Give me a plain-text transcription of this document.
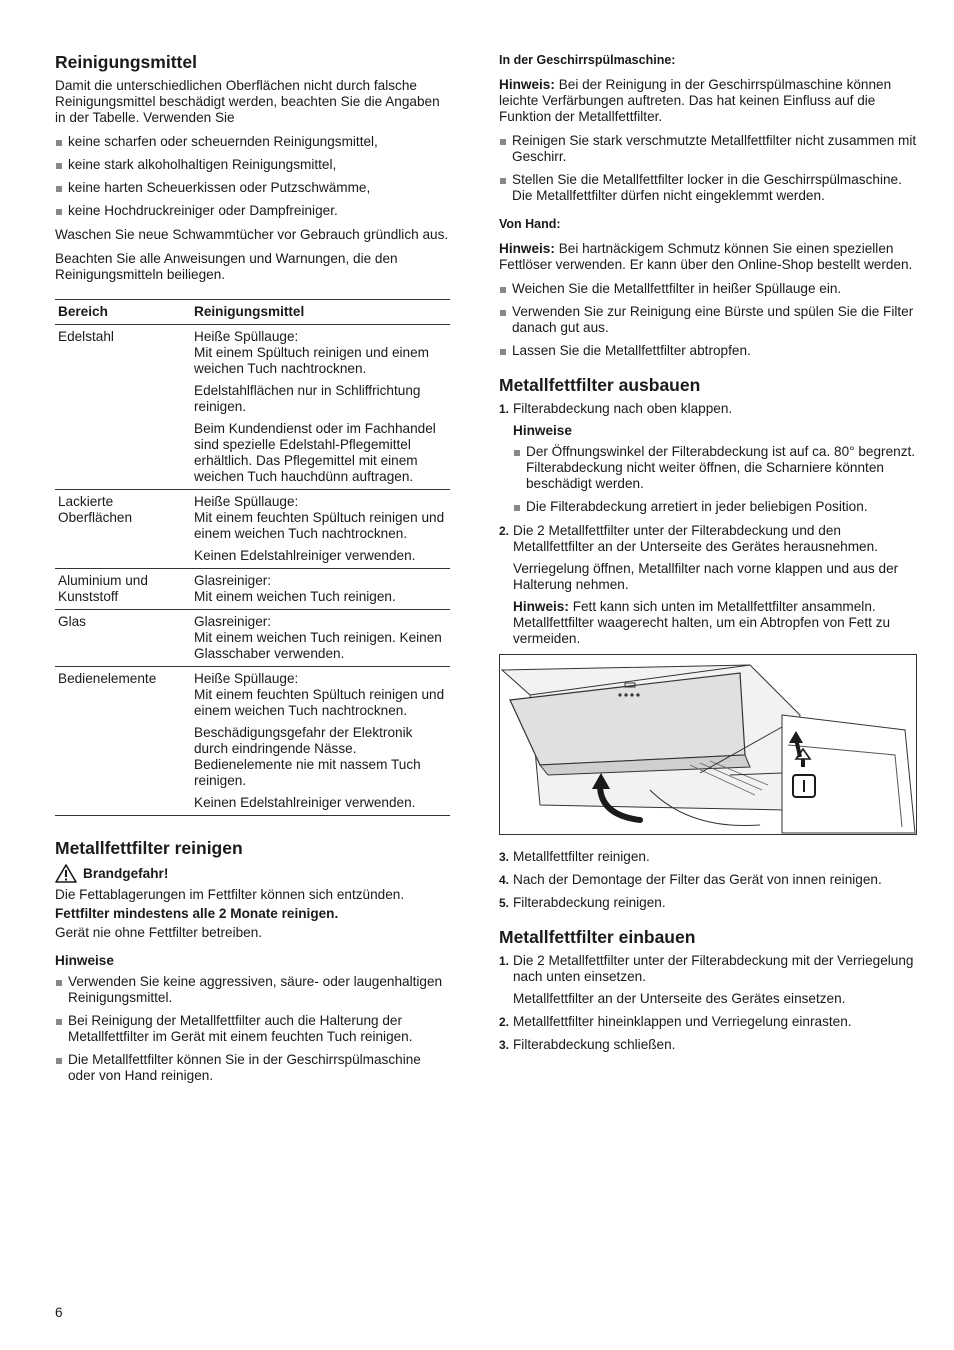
Reinigungsmittel

Damit die unterschiedlichen Oberflächen nicht durch falsche Reinigungsmittel beschädigt werden, beachten Sie die Angaben in der Tabelle. Verwenden Sie

keine scharfen oder scheuernden Reinigungsmittel,
keine stark alkoholhaltigen Reinigungsmittel,
keine harten Scheuerkissen oder Putzschwämme,
keine Hochdruckreiniger oder Dampfreiniger.

Waschen Sie neue Schwammtücher vor Gebrauch gründlich aus.

Beachten Sie alle Anweisungen und Warnungen, die den Reinigungsmitteln beiliegen.

Bereich	Reinigungsmittel
Edelstahl	Heiße Spüllauge:
Mit einem Spültuch reinigen und einem weichen Tuch nachtrocknen.
Edelstahlflächen nur in Schliffrichtung reinigen.
Beim Kundendienst oder im Fachhandel sind spezielle Edelstahl-Pflegemittel erhältlich. Das Pflegemittel mit einem weichen Tuch hauchdünn auftragen.

Lackierte Oberflächen	Heiße Spüllauge:
Mit einem feuchten Spültuch reinigen und einem weichen Tuch nachtrocknen.
Keinen Edelstahlreiniger verwenden.

Aluminium und Kunststoff	Glasreiniger:
Mit einem weichen Tuch reinigen.

Glas	Glasreiniger:
Mit einem weichen Tuch reinigen. Keinen Glasschaber verwenden.

Bedienelemente	Heiße Spüllauge:
Mit einem feuchten Spültuch reinigen und einem weichen Tuch nachtrocknen.
Beschädigungsgefahr der Elektronik durch eindringende Nässe. Bedienelemente nie mit nassem Tuch reinigen.
Keinen Edelstahlreiniger verwenden.
Metallfettfilter reinigen
Brandgefahr!
Die Fettablagerungen im Fettfilter können sich entzünden.
Fettfilter mindestens alle 2 Monate reinigen.
Gerät nie ohne Fettfilter betreiben.
Hinweise
Verwenden Sie keine aggressiven, säure- oder laugenhaltigen Reinigungsmittel.
Bei Reinigung der Metallfettfilter auch die Halterung der Metallfettfilter im Gerät mit einem feuchten Tuch reinigen.
Die Metallfettfilter können Sie in der Geschirrspülmaschine oder von Hand reinigen.
In der Geschirrspülmaschine:

Hinweis: Bei der Reinigung in der Geschirrspülmaschine können leichte Verfärbungen auftreten. Das hat keinen Einfluss auf die Funktion der Metallfettfilter.

Reinigen Sie stark verschmutzte Metallfettfilter nicht zusammen mit Geschirr.
Stellen Sie die Metallfettfilter locker in die Geschirrspülmaschine. Die Metallfettfilter dürfen nicht eingeklemmt werden.
Von Hand:

Hinweis: Bei hartnäckigem Schmutz können Sie einen speziellen Fettlöser verwenden. Er kann über den Online-Shop bestellt werden.

Weichen Sie die Metallfettfilter in heißer Spüllauge ein.
Verwenden Sie zur Reinigung eine Bürste und spülen Sie die Filter danach gut aus.
Lassen Sie die Metallfettfilter abtropfen.
Metallfettfilter ausbauen
1. Filterabdeckung nach oben klappen.
Hinweise
Der Öffnungswinkel der Filterabdeckung ist auf ca. 80° begrenzt. Filterabdeckung nicht weiter öffnen, die Scharniere könnten beschädigt werden.
Die Filterabdeckung arretiert in jeder beliebigen Position.
2. Die 2 Metallfettfilter unter der Filterabdeckung und den Metallfettfilter an der Unterseite des Gerätes herausnehmen.
Verriegelung öffnen, Metallfilter nach vorne klappen und aus der Halterung nehmen.
Hinweis: Fett kann sich unten im Metallfettfilter ansammeln. Metallfettfilter waagerecht halten, um ein Abtropfen von Fett zu vermeiden.
3. Metallfettfilter reinigen.
4. Nach der Demontage der Filter das Gerät von innen reinigen.
5. Filterabdeckung reinigen.
Metallfettfilter einbauen
1. Die 2 Metallfettfilter unter der Filterabdeckung mit der Verriegelung nach unten einsetzen.
Metallfettfilter an der Unterseite des Gerätes einsetzen.
2. Metallfettfilter hineinklappen und Verriegelung einrasten.
3. Filterabdeckung schließen.
6
